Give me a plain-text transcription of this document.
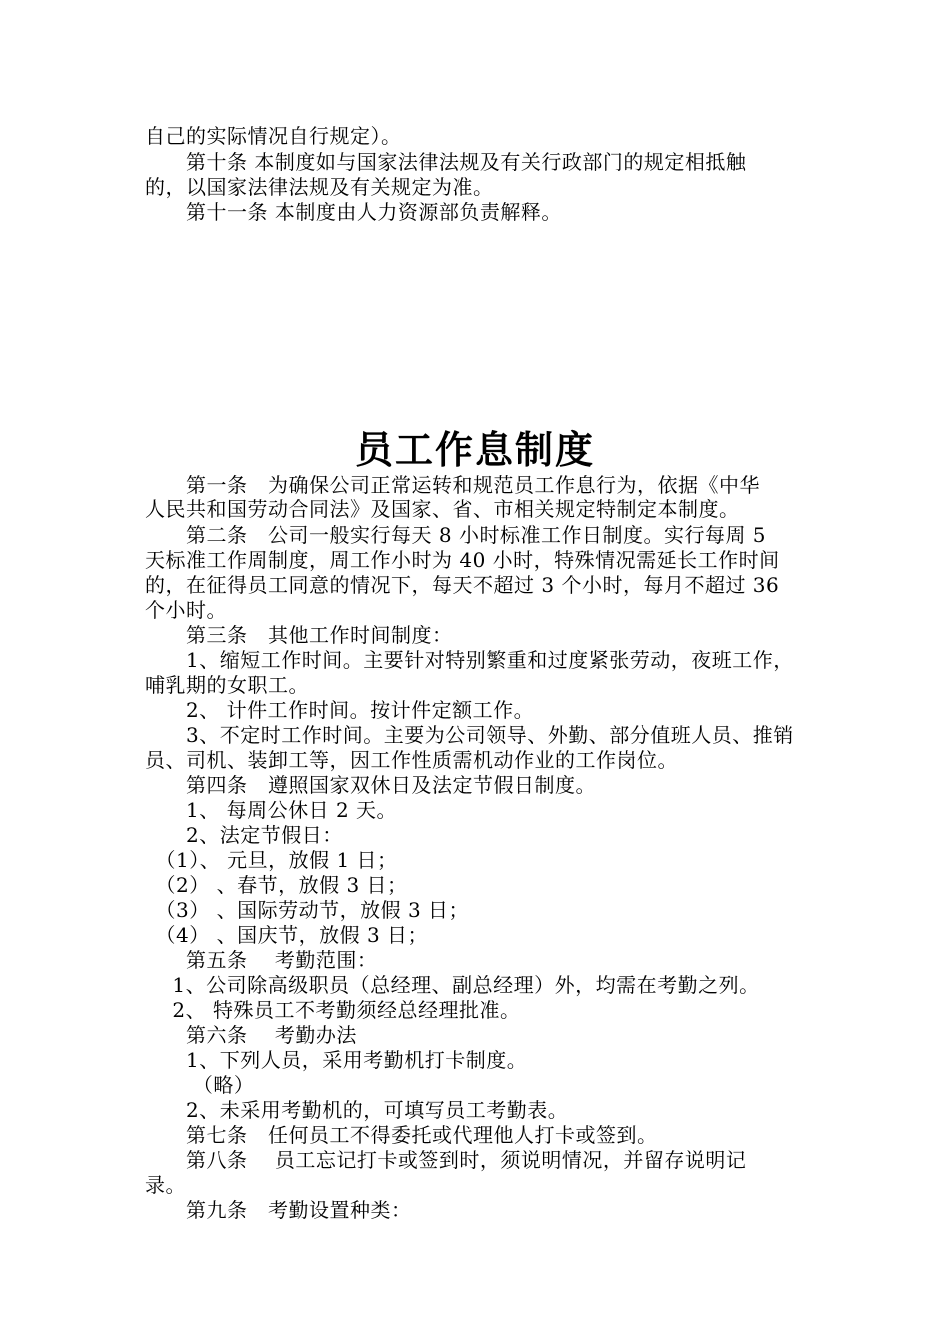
自己的实际情况自行规定）。

　　第十条 本制度如与国家法律法规及有关行政部门的规定相抵触

的，以国家法律法规及有关规定为准。

　　第十一条 本制度由人力资源部负责解释。

员工作息制度

　　第一条　为确保公司正常运转和规范员工作息行为，依据《中华

人民共和国劳动合同法》及国家、省、市相关规定特制定本制度。

　　第二条　公司一般实行每天 8 小时标准工作日制度。实行每周 5

天标准工作周制度，周工作小时为 40 小时，特殊情况需延长工作时间

的，在征得员工同意的情况下，每天不超过 3 个小时，每月不超过 36

个小时。

　　第三条　其他工作时间制度：

　　1、缩短工作时间。主要针对特别繁重和过度紧张劳动，夜班工作，

哺乳期的女职工。

　　2、 计件工作时间。按计件定额工作。

　　3、不定时工作时间。主要为公司领导、外勤、部分值班人员、推销

员、司机、装卸工等，因工作性质需机动作业的工作岗位。

　　第四条　遵照国家双休日及法定节假日制度。

　　1、 每周公休日 2 天。

　　2、法定节假日：

　（1）、 元旦，放假 1 日；

　（2） 、春节，放假 3 日；

　（3） 、国际劳动节，放假 3 日；

　（4） 、国庆节，放假 3 日；

　　第五条　 考勤范围：

　 1、公司除高级职员（总经理、副总经理）外，均需在考勤之列。

　 2、 特殊员工不考勤须经总经理批准。

　　第六条　 考勤办法

　　1、下列人员，采用考勤机打卡制度。

　　 （略）

　　2、未采用考勤机的，可填写员工考勤表。

　　第七条　任何员工不得委托或代理他人打卡或签到。

　　第八条　 员工忘记打卡或签到时，须说明情况，并留存说明记

录。

　　第九条　考勤设置种类：
